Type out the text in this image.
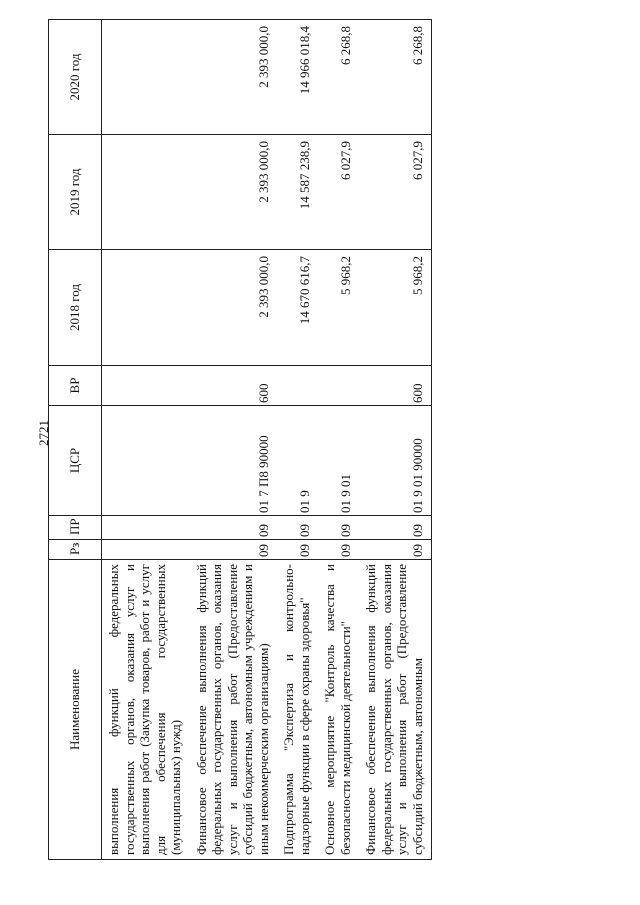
2721
Наименование	Рз	ПР	ЦСР	ВР	2018 год	2019 год	2020 год
выполнения функций федеральных государственных органов, оказания услуг и выполнения работ (Закупка товаров, работ и услуг для обеспечения государственных (муниципальных) нужд)							
Финансовое обеспечение выполнения функций федеральных государственных органов, оказания услуг и выполнения работ (Предоставление субсидий бюджетным, автономным учреждениям и иным некоммерческим организациям)	09	09	01 7 П8 90000	600	2 393 000,0	2 393 000,0	2 393 000,0
Подпрограмма "Экспертиза и контрольно-надзорные функции в сфере охраны здоровья"	09	09	01 9		14 670 616,7	14 587 238,9	14 966 018,4
Основное мероприятие "Контроль качества и безопасности медицинской деятельности"	09	09	01 9 01		5 968,2	6 027,9	6 268,8
Финансовое обеспечение выполнения функций федеральных государственных органов, оказания услуг и выполнения работ (Предоставление субсидий бюджетным, автономным	09	09	01 9 01 90000	600	5 968,2	6 027,9	6 268,8
